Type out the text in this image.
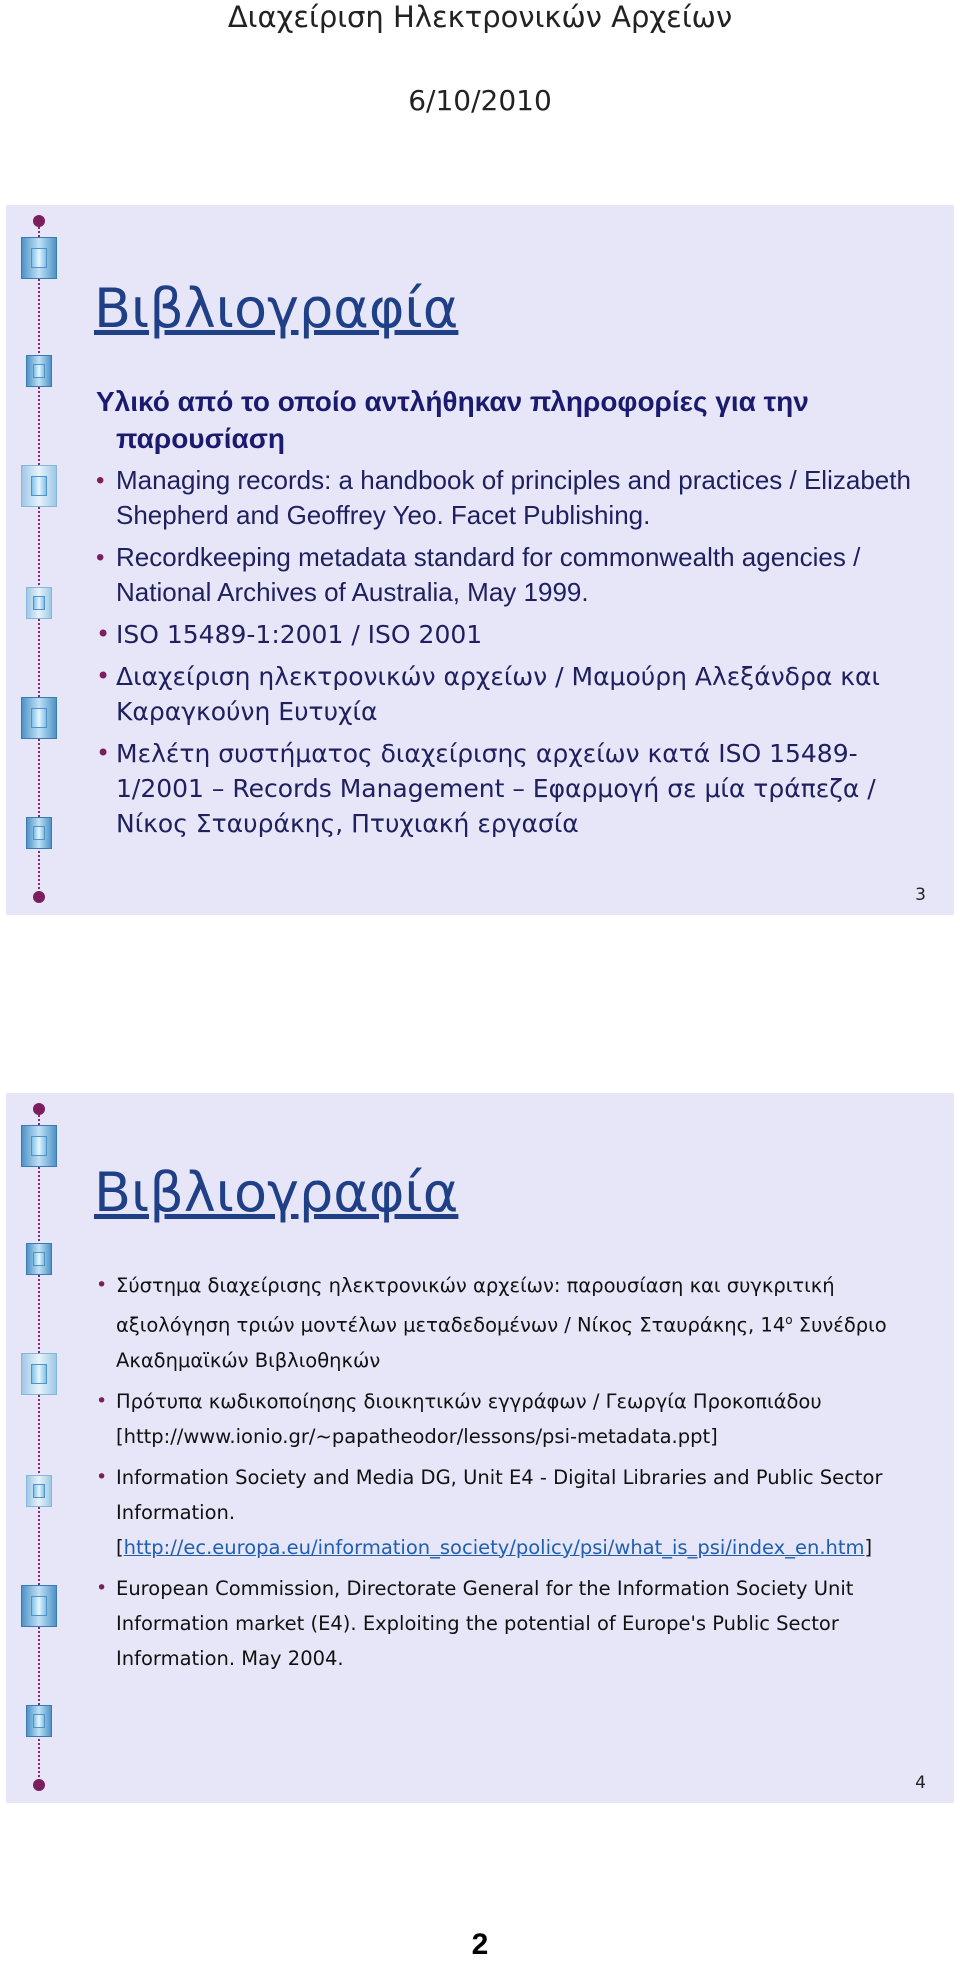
Διαχείριση Ηλεκτρονικών Αρχείων
6/10/2010
Βιβλιογραφία
Υλικό από το οποίο αντλήθηκαν πληροφορίες για την
παρουσίαση
• Managing records: a handbook of principles and practices / Elizabeth Shepherd and Geoffrey Yeo. Facet Publishing.
• Recordkeeping metadata standard for commonwealth agencies / National Archives of Australia, May 1999.
• ISO 15489-1:2001 / ISO 2001
• Διαχείριση ηλεκτρονικών αρχείων / Μαμούρη Αλεξάνδρα και Καραγκούνη Ευτυχία
• Μελέτη συστήματος διαχείρισης αρχείων κατά ISO 15489-1/2001 – Records Management – Εφαρμογή σε μία τράπεζα / Νίκος Σταυράκης, Πτυχιακή εργασία
3
Βιβλιογραφία
• Σύστημα διαχείρισης ηλεκτρονικών αρχείων: παρουσίαση και συγκριτική αξιολόγηση τριών μοντέλων μεταδεδομένων / Νίκος Σταυράκης, $14^o$ Συνέδριο Ακαδημαϊκών Βιβλιοθηκών
• Πρότυπα κωδικοποίησης διοικητικών εγγράφων / Γεωργία Προκοπιάδου [http://www.ionio.gr/~papatheodor/lessons/psi-metadata.ppt]
• Information Society and Media DG, Unit E4 - Digital Libraries and Public Sector Information. [http://ec.europa.eu/information_society/policy/psi/what_is_psi/index_en.htm]
• European Commission, Directorate General for the Information Society Unit Information market (E4). Exploiting the potential of Europe's Public Sector Information. May 2004.
4
2
